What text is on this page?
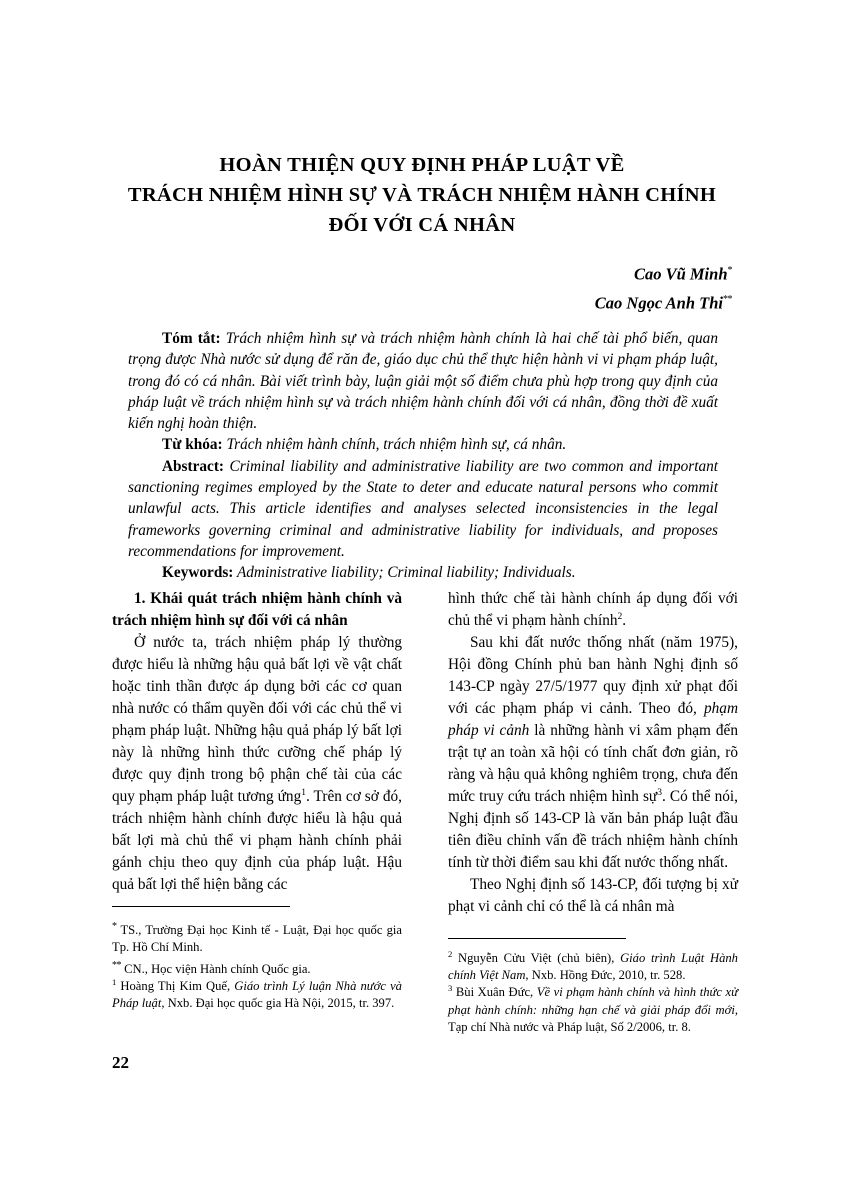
HOÀN THIỆN QUY ĐỊNH PHÁP LUẬT VỀ
TRÁCH NHIỆM HÌNH SỰ VÀ TRÁCH NHIỆM HÀNH CHÍNH
ĐỐI VỚI CÁ NHÂN
Cao Vũ Minh*
Cao Ngọc Anh Thi**

Tóm tắt: Trách nhiệm hình sự và trách nhiệm hành chính là hai chế tài phổ biến, quan trọng được Nhà nước sử dụng để răn đe, giáo dục chủ thể thực hiện hành vi vi phạm pháp luật, trong đó có cá nhân. Bài viết trình bày, luận giải một số điểm chưa phù hợp trong quy định của pháp luật về trách nhiệm hình sự và trách nhiệm hành chính đối với cá nhân, đồng thời đề xuất kiến nghị hoàn thiện.

Từ khóa: Trách nhiệm hành chính, trách nhiệm hình sự, cá nhân.

Abstract: Criminal liability and administrative liability are two common and important sanctioning regimes employed by the State to deter and educate natural persons who commit unlawful acts. This article identifies and analyses selected inconsistencies in the legal frameworks governing criminal and administrative liability for individuals, and proposes recommendations for improvement.

Keywords: Administrative liability; Criminal liability; Individuals.

1. Khái quát trách nhiệm hành chính và trách nhiệm hình sự đối với cá nhân

Ở nước ta, trách nhiệm pháp lý thường được hiểu là những hậu quả bất lợi về vật chất hoặc tinh thần được áp dụng bởi các cơ quan nhà nước có thẩm quyền đối với các chủ thể vi phạm pháp luật. Những hậu quả pháp lý bất lợi này là những hình thức cưỡng chế pháp lý được quy định trong bộ phận chế tài của các quy phạm pháp luật tương ứng$^1$. Trên cơ sở đó, trách nhiệm hành chính được hiểu là hậu quả bất lợi mà chủ thể vi phạm hành chính phải gánh chịu theo quy định của pháp luật. Hậu quả bất lợi thể hiện bằng các

hình thức chế tài hành chính áp dụng đối với chủ thể vi phạm hành chính$^2$.

Sau khi đất nước thống nhất (năm 1975), Hội đồng Chính phủ ban hành Nghị định số 143-CP ngày 27/5/1977 quy định xử phạt đối với các phạm pháp vi cảnh. Theo đó, phạm pháp vi cảnh là những hành vi xâm phạm đến trật tự an toàn xã hội có tính chất đơn giản, rõ ràng và hậu quả không nghiêm trọng, chưa đến mức truy cứu trách nhiệm hình sự$^3$. Có thể nói, Nghị định số 143-CP là văn bản pháp luật đầu tiên điều chỉnh vấn đề trách nhiệm hành chính tính từ thời điểm sau khi đất nước thống nhất.

Theo Nghị định số 143-CP, đối tượng bị xử phạt vi cảnh chỉ có thể là cá nhân mà

* TS., Trường Đại học Kinh tế - Luật, Đại học quốc gia Tp. Hồ Chí Minh.

** CN., Học viện Hành chính Quốc gia.

$^1$ Hoàng Thị Kim Quế, Giáo trình Lý luận Nhà nước và Pháp luật, Nxb. Đại học quốc gia Hà Nội, 2015, tr. 397.

$^2$ Nguyễn Cửu Việt (chủ biên), Giáo trình Luật Hành chính Việt Nam, Nxb. Hồng Đức, 2010, tr. 528.

$^3$ Bùi Xuân Đức, Về vi phạm hành chính và hình thức xử phạt hành chính: những hạn chế và giải pháp đổi mới, Tạp chí Nhà nước và Pháp luật, Số 2/2006, tr. 8.

22
